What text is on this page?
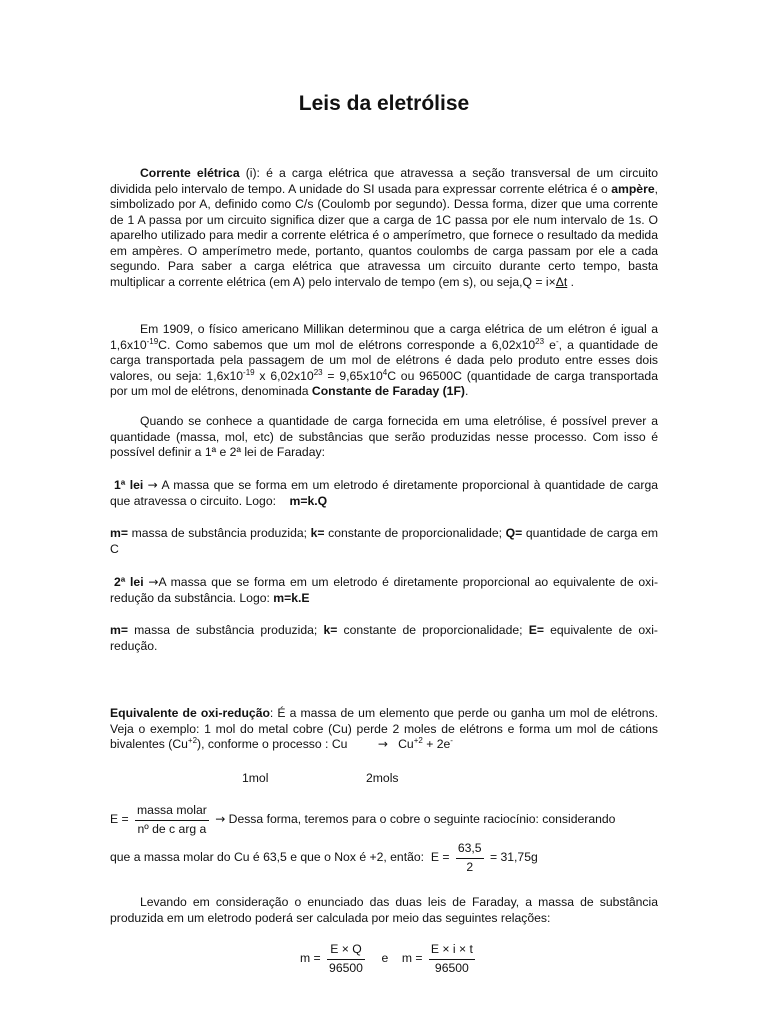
Leis da eletrólise

Corrente elétrica (i): é a carga elétrica que atravessa a seção transversal de um circuito dividida pelo intervalo de tempo. A unidade do SI usada para expressar corrente elétrica é o ampère, simbolizado por A, definido como C/s (Coulomb por segundo). Dessa forma, dizer que uma corrente de 1 A passa por um circuito significa dizer que a carga de 1C passa por ele num intervalo de 1s. O aparelho utilizado para medir a corrente elétrica é o amperímetro, que fornece o resultado da medida em ampères. O amperímetro mede, portanto, quantos coulombs de carga passam por ele a cada segundo. Para saber a carga elétrica que atravessa um circuito durante certo tempo, basta multiplicar a corrente elétrica (em A) pelo intervalo de tempo (em s), ou seja,Q = i×Δt .

Em 1909, o físico americano Millikan determinou que a carga elétrica de um elétron é igual a $1,6x10^{-19}C$. Como sabemos que um mol de elétrons corresponde a $6,02x10^{23}$ e-, a quantidade de carga transportada pela passagem de um mol de elétrons é dada pelo produto entre esses dois valores, ou seja: $1,6x10^{-19}$ x $6,02x10^{23} = 9,65x10^4C$ ou 96500C (quantidade de carga transportada por um mol de elétrons, denominada Constante de Faraday (1F).

Quando se conhece a quantidade de carga fornecida em uma eletrólise, é possível prever a quantidade (massa, mol, etc) de substâncias que serão produzidas nesse processo. Com isso é possível definir a 1ª e 2ª lei de Faraday:

1ª lei → A massa que se forma em um eletrodo é diretamente proporcional à quantidade de carga que atravessa o circuito. Logo: m=k.Q

m= massa de substância produzida; k= constante de proporcionalidade; Q= quantidade de carga em C

2ª lei →A massa que se forma em um eletrodo é diretamente proporcional ao equivalente de oxi-redução da substância. Logo: m=k.E

m= massa de substância produzida; k= constante de proporcionalidade; E= equivalente de oxi-redução.

Equivalente de oxi-redução: É a massa de um elemento que perde ou ganha um mol de elétrons. Veja o exemplo: 1 mol do metal cobre (Cu) perde 2 moles de elétrons e forma um mol de cátions bivalentes $(Cu^{+2})$, conforme o processo : Cu	→ $Cu^{+2} + 2e^-$

1mol	2mols

$E = \frac{\text{massa molar}}{\text{nº de c arg a}}$ → Dessa forma, teremos para o cobre o seguinte raciocínio: considerando
que a massa molar do Cu é 63,5 e que o Nox é +2, então: $E = \frac{63,5}{2} = 31,75g$

Levando em consideração o enunciado das duas leis de Faraday, a massa de substância produzida em um eletrodo poderá ser calculada por meio das seguintes relações:

$m = \frac{E \times Q}{96500}$ e $m = \frac{E \times i \times t}{96500}$
